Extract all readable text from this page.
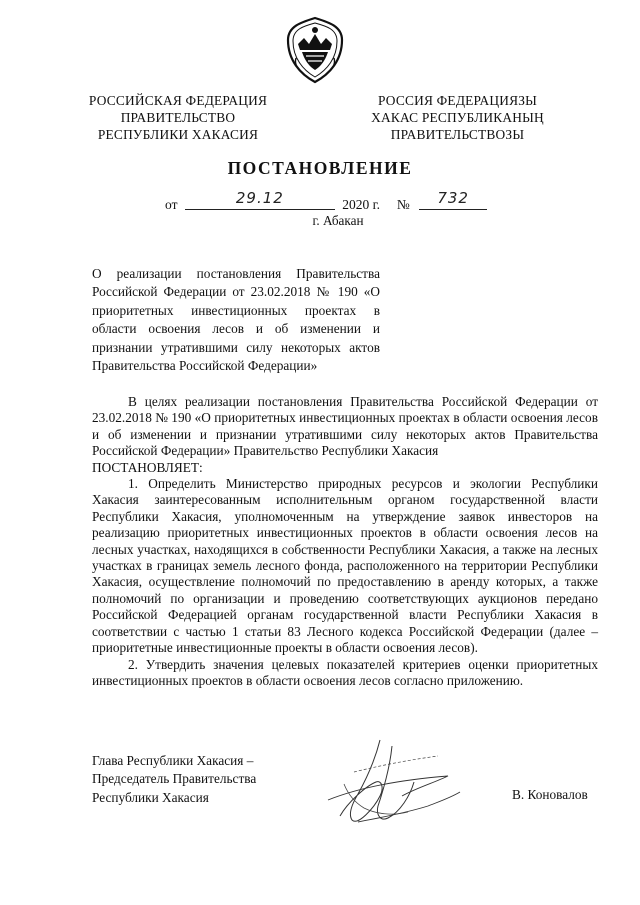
РОССИЙСКАЯ ФЕДЕРАЦИЯ
ПРАВИТЕЛЬСТВО
РЕСПУБЛИКИ ХАКАСИЯ
РОССИЯ ФЕДЕРАЦИЯЗЫ
ХАКАС РЕСПУБЛИКАНЫҢ
ПРАВИТЕЛЬСТВОЗЫ
ПОСТАНОВЛЕНИЕ
от	29.12	2020 г. № 732
г. Абакан
О реализации постановления Правительства Российской Федерации от 23.02.2018 № 190 «О приоритетных инвестиционных проектах в области освоения лесов и об изменении и признании утратившими силу некоторых актов Правительства Российской Федерации»

В целях реализации постановления Правительства Российской Федерации от 23.02.2018 № 190 «О приоритетных инвестиционных проектах в области освоения лесов и об изменении и признании утратившими силу некоторых актов Правительства Российской Федерации» Правительство Республики Хакасия

ПОСТАНОВЛЯЕТ:

1. Определить Министерство природных ресурсов и экологии Республики Хакасия заинтересованным исполнительным органом государственной власти Республики Хакасия, уполномоченным на утверждение заявок инвесторов на реализацию приоритетных инвестиционных проектов в области освоения лесов на лесных участках, находящихся в собственности Республики Хакасия, а также на лесных участках в границах земель лесного фонда, расположенного на территории Республики Хакасия, осуществление полномочий по предоставлению в аренду которых, а также полномочий по организации и проведению соответствующих аукционов передано Российской Федерацией органам государственной власти Республики Хакасия в соответствии с частью 1 статьи 83 Лесного кодекса Российской Федерации (далее – приоритетные инвестиционные проекты в области освоения лесов).

2. Утвердить значения целевых показателей критериев оценки приоритетных инвестиционных проектов в области освоения лесов согласно приложению.

Глава Республики Хакасия –
Председатель Правительства
Республики Хакасия	В. Коновалов
